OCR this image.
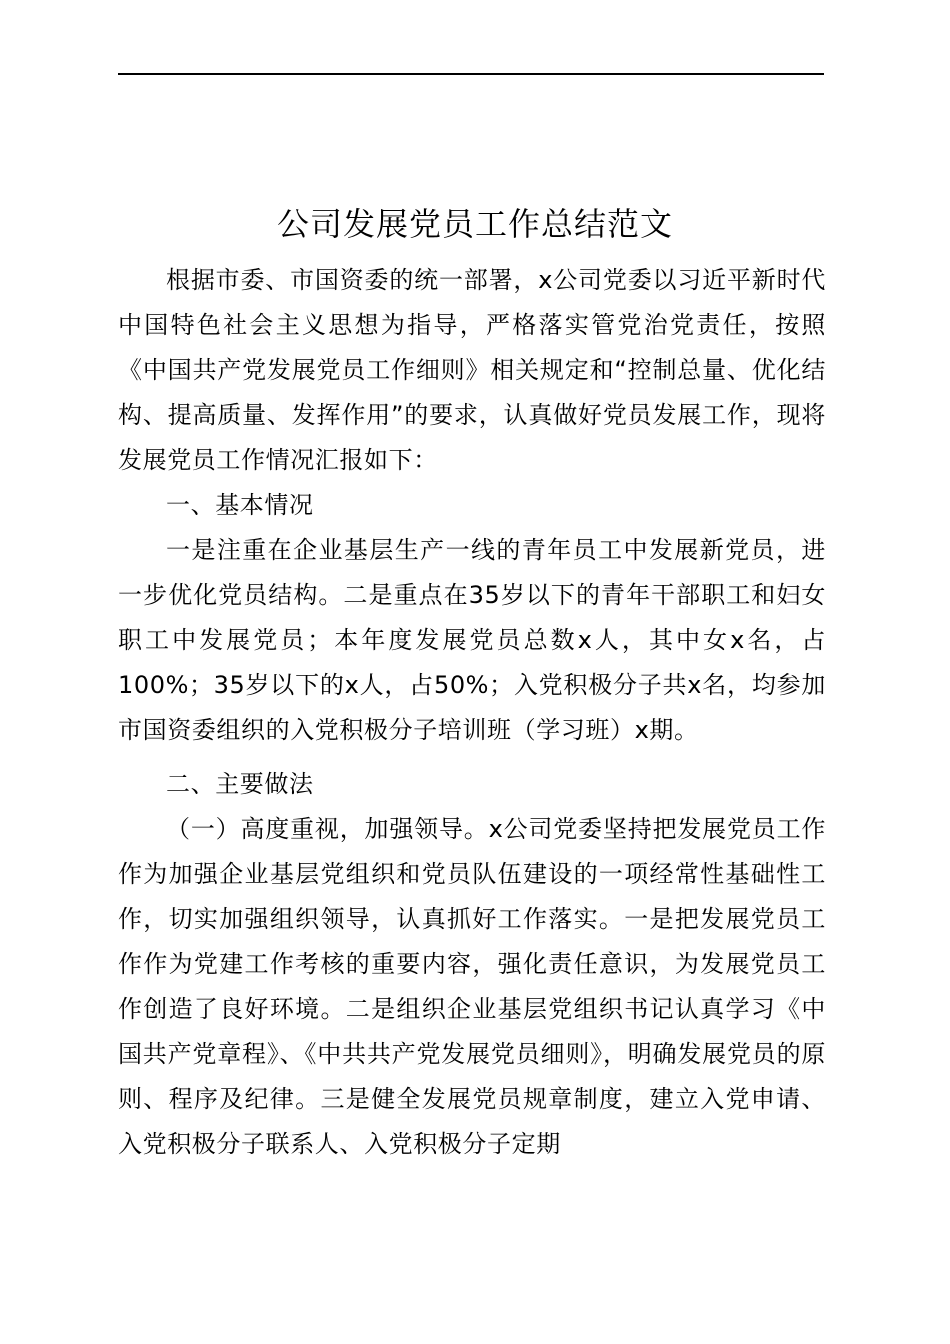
公司发展党员工作总结范文

根据市委、市国资委的统一部署，x公司党委以习近平新时代中国特色社会主义思想为指导，严格落实管党治党责任，按照《中国共产党发展党员工作细则》相关规定和“控制总量、优化结构、提高质量、发挥作用”的要求，认真做好党员发展工作，现将发展党员工作情况汇报如下：

一、基本情况

一是注重在企业基层生产一线的青年员工中发展新党员，进一步优化党员结构。二是重点在35岁以下的青年干部职工和妇女职工中发展党员；本年度发展党员总数x人，其中女x名，占100%；35岁以下的x人，占50%；入党积极分子共x名，均参加市国资委组织的入党积极分子培训班（学习班）x期。

二、主要做法

（一）高度重视，加强领导。x公司党委坚持把发展党员工作作为加强企业基层党组织和党员队伍建设的一项经常性基础性工作，切实加强组织领导，认真抓好工作落实。一是把发展党员工作作为党建工作考核的重要内容，强化责任意识，为发展党员工作创造了良好环境。二是组织企业基层党组织书记认真学习《中国共产党章程》、《中共共产党发展党员细则》，明确发展党员的原则、程序及纪律。三是健全发展党员规章制度，建立入党申请、入党积极分子联系人、入党积极分子定期
